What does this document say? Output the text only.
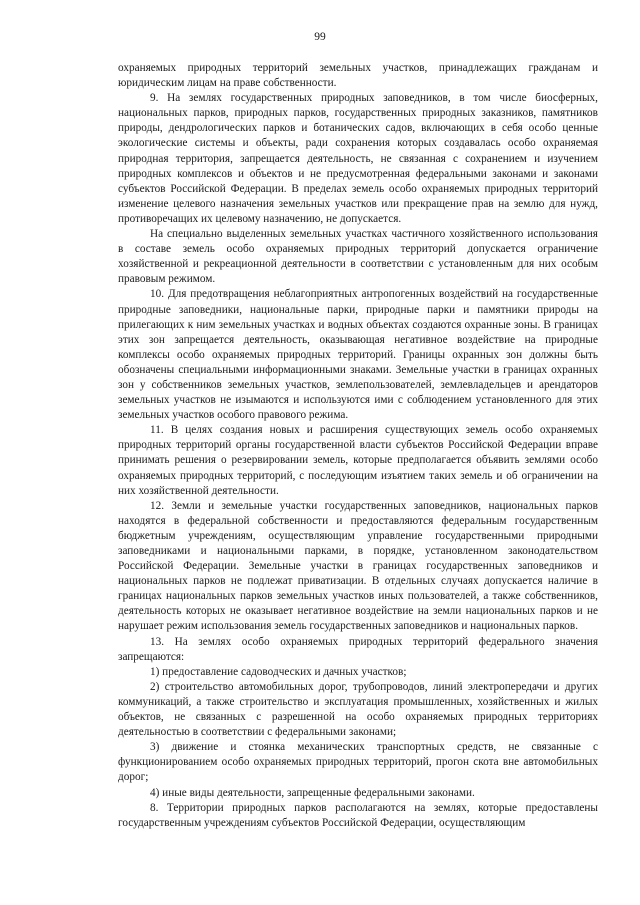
99

охраняемых природных территорий земельных участков, принадлежащих гражданам и юридическим лицам на праве собственности.

9. На землях государственных природных заповедников, в том числе биосферных, национальных парков, природных парков, государственных природных заказников, памятников природы, дендрологических парков и ботанических садов, включающих в себя особо ценные экологические системы и объекты, ради сохранения которых создавалась особо охраняемая природная территория, запрещается деятельность, не связанная с сохранением и изучением природных комплексов и объектов и не предусмотренная федеральными законами и законами субъектов Российской Федерации. В пределах земель особо охраняемых природных территорий изменение целевого назначения земельных участков или прекращение прав на землю для нужд, противоречащих их целевому назначению, не допускается.

На специально выделенных земельных участках частичного хозяйственного использования в составе земель особо охраняемых природных территорий допускается ограничение хозяйственной и рекреационной деятельности в соответствии с установленным для них особым правовым режимом.

10. Для предотвращения неблагоприятных антропогенных воздействий на государственные природные заповедники, национальные парки, природные парки и памятники природы на прилегающих к ним земельных участках и водных объектах создаются охранные зоны. В границах этих зон запрещается деятельность, оказывающая негативное воздействие на природные комплексы особо охраняемых природных территорий. Границы охранных зон должны быть обозначены специальными информационными знаками. Земельные участки в границах охранных зон у собственников земельных участков, землепользователей, землевладельцев и арендаторов земельных участков не изымаются и используются ими с соблюдением установленного для этих земельных участков особого правового режима.

11. В целях создания новых и расширения существующих земель особо охраняемых природных территорий органы государственной власти субъектов Российской Федерации вправе принимать решения о резервировании земель, которые предполагается объявить землями особо охраняемых природных территорий, с последующим изъятием таких земель и об ограничении на них хозяйственной деятельности.

12. Земли и земельные участки государственных заповедников, национальных парков находятся в федеральной собственности и предоставляются федеральным государственным бюджетным учреждениям, осуществляющим управление государственными природными заповедниками и национальными парками, в порядке, установленном законодательством Российской Федерации. Земельные участки в границах государственных заповедников и национальных парков не подлежат приватизации. В отдельных случаях допускается наличие в границах национальных парков земельных участков иных пользователей, а также собственников, деятельность которых не оказывает негативное воздействие на земли национальных парков и не нарушает режим использования земель государственных заповедников и национальных парков.

13. На землях особо охраняемых природных территорий федерального значения запрещаются:

1) предоставление садоводческих и дачных участков;

2) строительство автомобильных дорог, трубопроводов, линий электропередачи и других коммуникаций, а также строительство и эксплуатация промышленных, хозяйственных и жилых объектов, не связанных с разрешенной на особо охраняемых природных территориях деятельностью в соответствии с федеральными законами;

3) движение и стоянка механических транспортных средств, не связанные с функционированием особо охраняемых природных территорий, прогон скота вне автомобильных дорог;

4) иные виды деятельности, запрещенные федеральными законами.

8. Территории природных парков располагаются на землях, которые предоставлены государственным учреждениям субъектов Российской Федерации, осуществляющим
